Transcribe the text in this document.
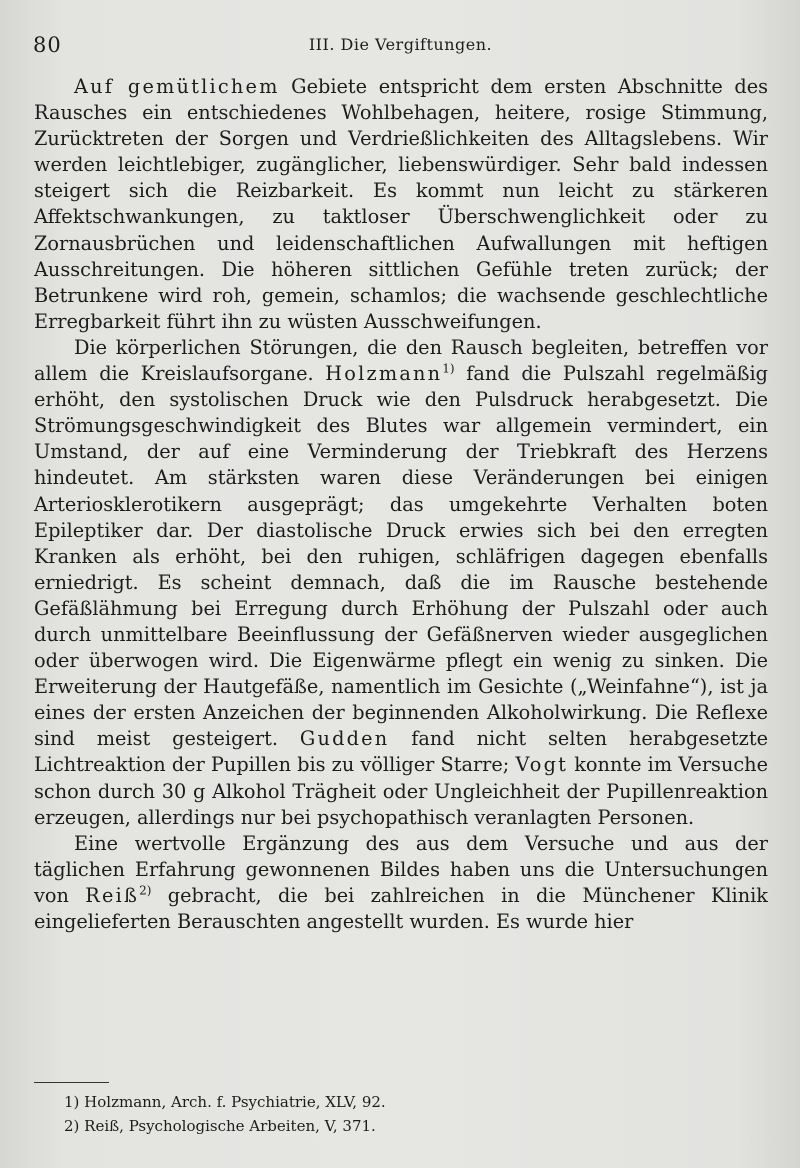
80	III. Die Vergiftungen.

Auf gemütlichem Gebiete entspricht dem ersten Abschnitte des Rausches ein entschiedenes Wohlbehagen, heitere, rosige Stimmung, Zurücktreten der Sorgen und Verdrießlichkeiten des Alltagslebens. Wir werden leichtlebiger, zugänglicher, liebenswürdiger. Sehr bald indessen steigert sich die Reizbarkeit. Es kommt nun leicht zu stärkeren Affektschwankungen, zu taktloser Überschwenglichkeit oder zu Zornausbrüchen und leidenschaftlichen Aufwallungen mit heftigen Ausschreitungen. Die höheren sittlichen Gefühle treten zurück; der Betrunkene wird roh, gemein, schamlos; die wachsende geschlechtliche Erregbarkeit führt ihn zu wüsten Ausschweifungen.

Die körperlichen Störungen, die den Rausch begleiten, betreffen vor allem die Kreislaufsorgane. Holzmann$^{1)}$ fand die Pulszahl regelmäßig erhöht, den systolischen Druck wie den Pulsdruck herabgesetzt. Die Strömungsgeschwindigkeit des Blutes war allgemein vermindert, ein Umstand, der auf eine Verminderung der Triebkraft des Herzens hindeutet. Am stärksten waren diese Veränderungen bei einigen Arteriosklerotikern ausgeprägt; das umgekehrte Verhalten boten Epileptiker dar. Der diastolische Druck erwies sich bei den erregten Kranken als erhöht, bei den ruhigen, schläfrigen dagegen ebenfalls erniedrigt. Es scheint demnach, daß die im Rausche bestehende Gefäßlähmung bei Erregung durch Erhöhung der Pulszahl oder auch durch unmittelbare Beeinflussung der Gefäßnerven wieder ausgeglichen oder überwogen wird. Die Eigenwärme pflegt ein wenig zu sinken. Die Erweiterung der Hautgefäße, namentlich im Gesichte („Weinfahne“), ist ja eines der ersten Anzeichen der beginnenden Alkoholwirkung. Die Reflexe sind meist gesteigert. Gudden fand nicht selten herabgesetzte Lichtreaktion der Pupillen bis zu völliger Starre; Vogt konnte im Versuche schon durch 30 g Alkohol Trägheit oder Ungleichheit der Pupillenreaktion erzeugen, allerdings nur bei psychopathisch veranlagten Personen.

Eine wertvolle Ergänzung des aus dem Versuche und aus der täglichen Erfahrung gewonnenen Bildes haben uns die Untersuchungen von Reiß$^{2)}$ gebracht, die bei zahlreichen in die Münchener Klinik eingelieferten Berauschten angestellt wurden. Es wurde hier

1) Holzmann, Arch. f. Psychiatrie, XLV, 92.

2) Reiß, Psychologische Arbeiten, V, 371.
